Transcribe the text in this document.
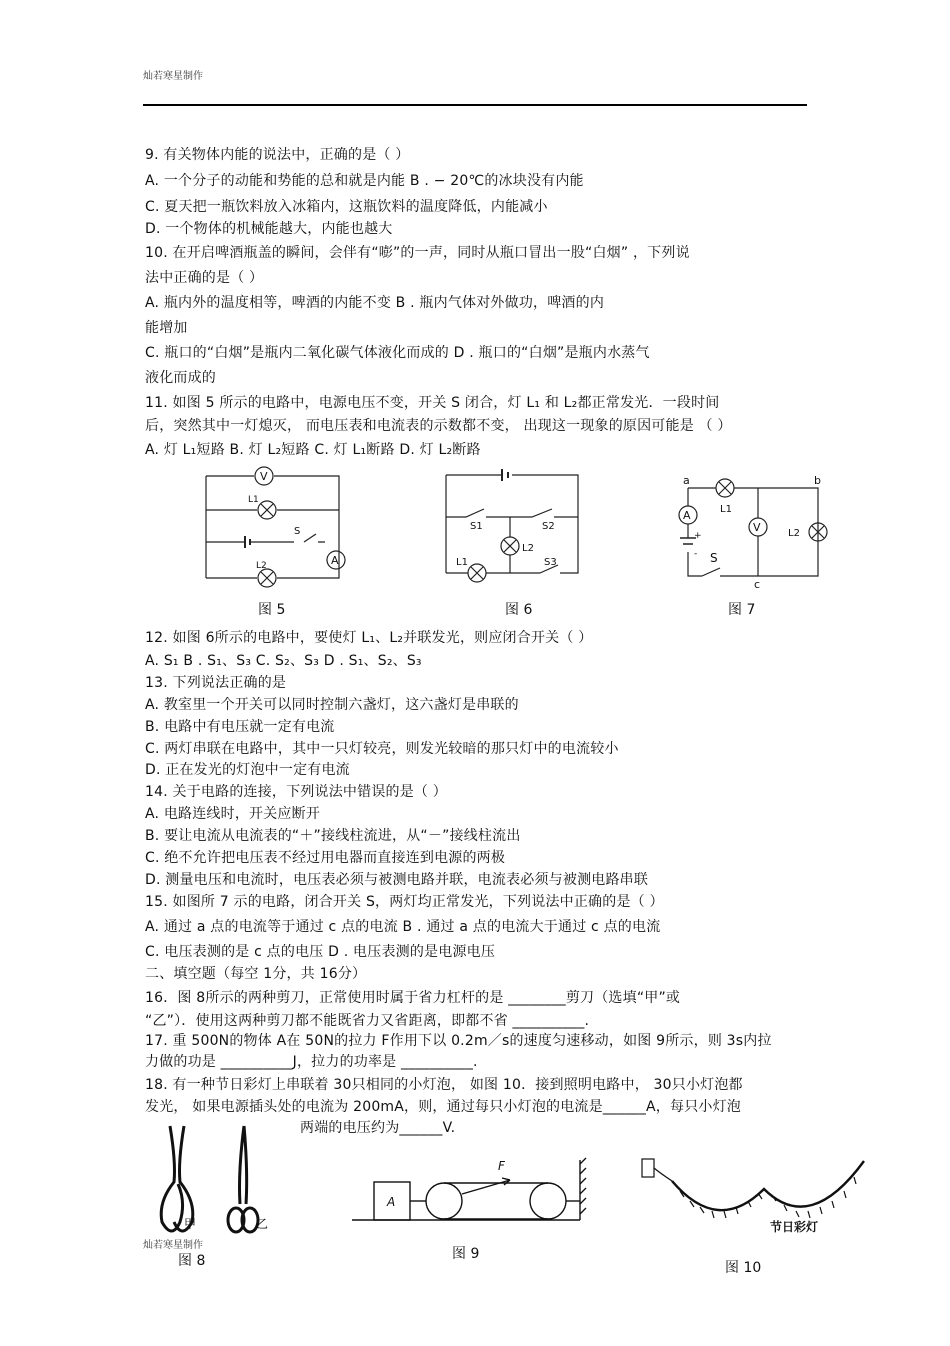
灿若寒星制作
9. 有关物体内能的说法中，正确的是（ ）
A. 一个分子的动能和势能的总和就是内能 B . − 20℃的冰块没有内能
C. 夏天把一瓶饮料放入冰箱内，这瓶饮料的温度降低，内能减小
D. 一个物体的机械能越大，内能也越大
10. 在开启啤酒瓶盖的瞬间，会伴有“嘭”的一声，同时从瓶口冒出一股“白烟” ，下列说
法中正确的是（ ）
A. 瓶内外的温度相等，啤酒的内能不变 B . 瓶内气体对外做功，啤酒的内
能增加
C. 瓶口的“白烟”是瓶内二氧化碳气体液化而成的 D . 瓶口的“白烟”是瓶内水蒸气
液化而成的
11. 如图 5 所示的电路中，电源电压不变，开关 S 闭合，灯 L₁ 和 L₂都正常发光．一段时间
后，突然其中一灯熄灭， 而电压表和电流表的示数都不变， 出现这一现象的原因可能是 （ ）
A. 灯 L₁短路 B. 灯 L₂短路 C. 灯 L₁断路 D. 灯 L₂断路
12. 如图 6所示的电路中，要使灯 L₁、L₂并联发光，则应闭合开关（ ）
A. S₁ B . S₁、S₃ C. S₂、S₃ D . S₁、S₂、S₃
13. 下列说法正确的是
A. 教室里一个开关可以同时控制六盏灯，这六盏灯是串联的
B. 电路中有电压就一定有电流
C. 两灯串联在电路中，其中一只灯较亮，则发光较暗的那只灯中的电流较小
D. 正在发光的灯泡中一定有电流
14. 关于电路的连接，下列说法中错误的是（ ）
A. 电路连线时，开关应断开
B. 要让电流从电流表的“＋”接线柱流进，从“－”接线柱流出
C. 绝不允许把电压表不经过用电器而直接连到电源的两极
D. 测量电压和电流时，电压表必须与被测电路并联，电流表必须与被测电路串联
15. 如图所 7 示的电路，闭合开关 S，两灯均正常发光，下列说法中正确的是（ ）
A. 通过 a 点的电流等于通过 c 点的电流 B . 通过 a 点的电流大于通过 c 点的电流
C. 电压表测的是 c 点的电压 D . 电压表测的是电源电压
二、填空题（每空 1分，共 16分）
16．图 8所示的两种剪刀，正常使用时属于省力杠杆的是 ________剪刀（选填“甲”或
“乙”）．使用这两种剪刀都不能既省力又省距离，即都不省 __________.
17. 重 500N的物体 A在 50N的拉力 F作用下以 0.2m／s的速度匀速移动，如图 9所示，则 3s内拉
力做的功是 __________J，拉力的功率是 __________.
18. 有一种节日彩灯上串联着 30只相同的小灯泡， 如图 10．接到照明电路中， 30只小灯泡都
发光， 如果电源插头处的电流为 200mA，则，通过每只小灯泡的电流是______A，每只小灯泡
两端的电压约为______V.
V
A
L1
L2
S
图 5
S1	S2
S3
L1
L2
图 6
a	b
c
A
V
L1
L2
S
+
-
图 7
甲	乙
灿若寒星制作
图 8
A
F
图 9
节日彩灯
图 10
